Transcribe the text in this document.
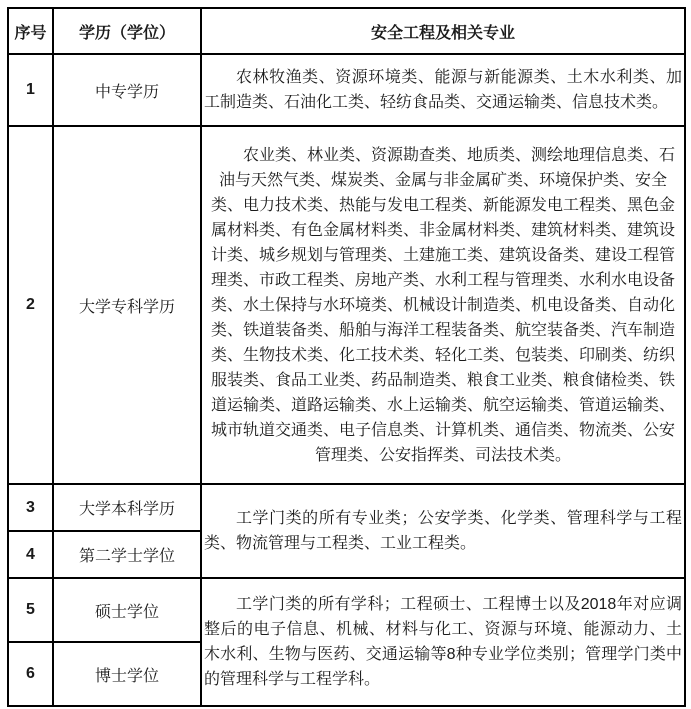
序号	学历（学位）	安全工程及相关专业
1	中专学历	农林牧渔类、资源环境类、能源与新能源类、土木水利类、加工制造类、石油化工类、轻纺食品类、交通运输类、信息技术类。

2	大学专科学历	农业类、林业类、资源勘查类、地质类、测绘地理信息类、石油与天然气类、煤炭类、金属与非金属矿类、环境保护类、安全类、电力技术类、热能与发电工程类、新能源发电工程类、黑色金属材料类、有色金属材料类、非金属材料类、建筑材料类、建筑设计类、城乡规划与管理类、土建施工类、建筑设备类、建设工程管理类、市政工程类、房地产类、水利工程与管理类、水利水电设备类、水土保持与水环境类、机械设计制造类、机电设备类、自动化类、铁道装备类、船舶与海洋工程装备类、航空装备类、汽车制造类、生物技术类、化工技术类、轻化工类、包装类、印刷类、纺织服装类、食品工业类、药品制造类、粮食工业类、粮食储检类、铁道运输类、道路运输类、水上运输类、航空运输类、管道运输类、城市轨道交通类、电子信息类、计算机类、通信类、物流类、公安管理类、公安指挥类、司法技术类。

3	大学本科学历	工学门类的所有专业类；公安学类、化学类、管理科学与工程类、物流管理与工程类、工业工程类。

4	第二学士学位	
5	硕士学位	工学门类的所有学科；工程硕士、工程博士以及2018年对应调整后的电子信息、机械、材料与化工、资源与环境、能源动力、土木水利、生物与医药、交通运输等8种专业学位类别；管理学门类中的管理科学与工程学科。

6	博士学位	
